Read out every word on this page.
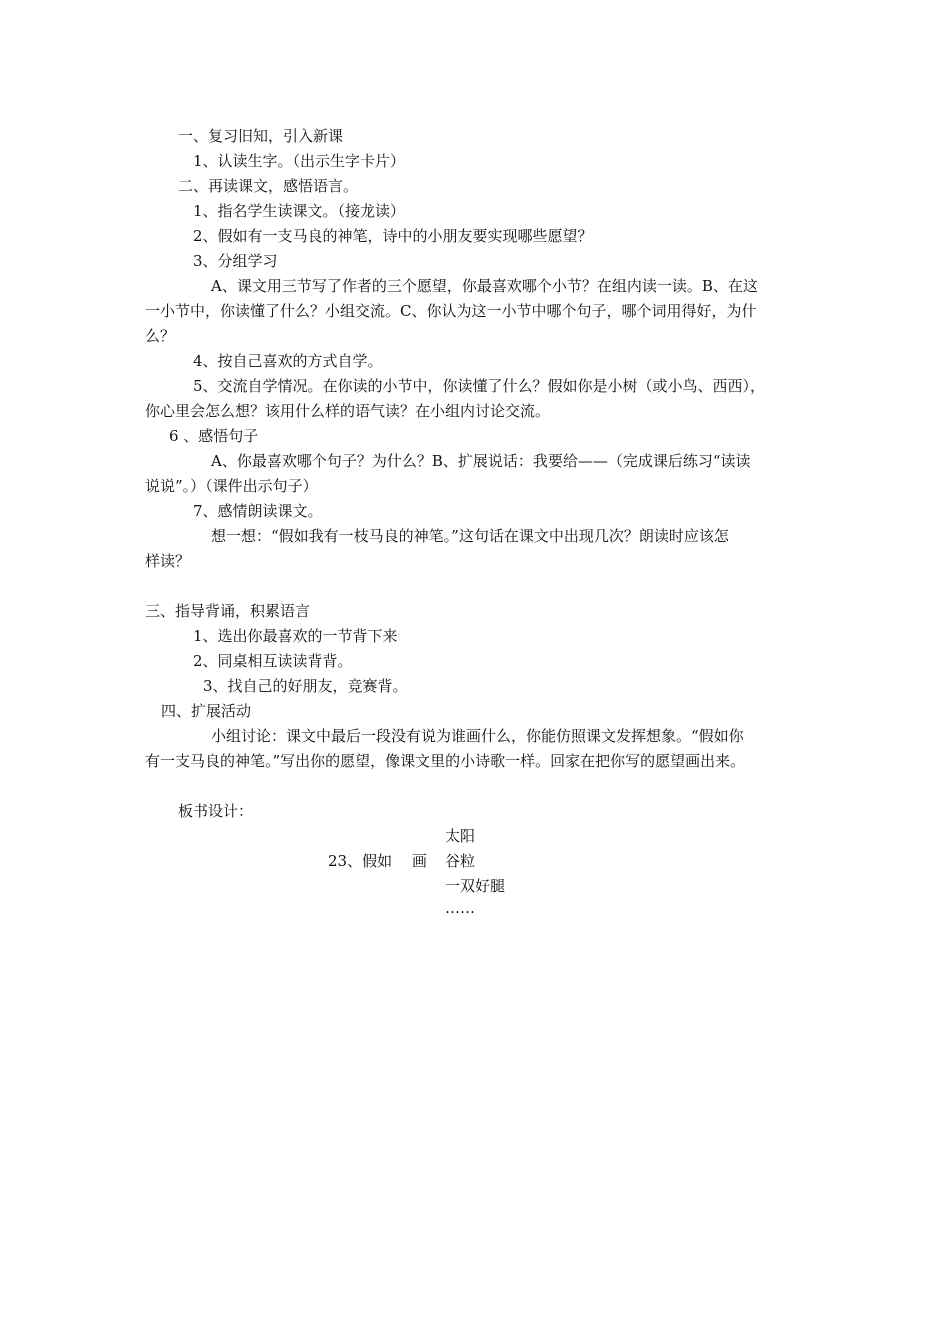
一、复习旧知，引入新课
1、认读生字。（出示生字卡片）
二、再读课文，感悟语言。
1、指名学生读课文。（接龙读）
2、假如有一支马良的神笔，诗中的小朋友要实现哪些愿望？
3、分组学习
A、课文用三节写了作者的三个愿望，你最喜欢哪个小节？在组内读一读。B、在这
一小节中，你读懂了什么？小组交流。C、你认为这一小节中哪个句子，哪个词用得好，为什
么？
4、按自己喜欢的方式自学。
5、交流自学情况。在你读的小节中，你读懂了什么？假如你是小树（或小鸟、西西），
你心里会怎么想？该用什么样的语气读？在小组内讨论交流。
6 、感悟句子
A、你最喜欢哪个句子？为什么？B、扩展说话：我要给——（完成课后练习“读读
说说”。）（课件出示句子）
7、感情朗读课文。
想一想：“假如我有一枝马良的神笔。”这句话在课文中出现几次？朗读时应该怎
样读？
三、指导背诵，积累语言
1、选出你最喜欢的一节背下来
2、同桌相互读读背背。
3、找自己的好朋友，竞赛背。
四、扩展活动
小组讨论：课文中最后一段没有说为谁画什么，你能仿照课文发挥想象。“假如你
有一支马良的神笔。”写出你的愿望，像课文里的小诗歌一样。回家在把你写的愿望画出来。
板书设计：
23、假如 画
太阳
谷粒
一双好腿
……
